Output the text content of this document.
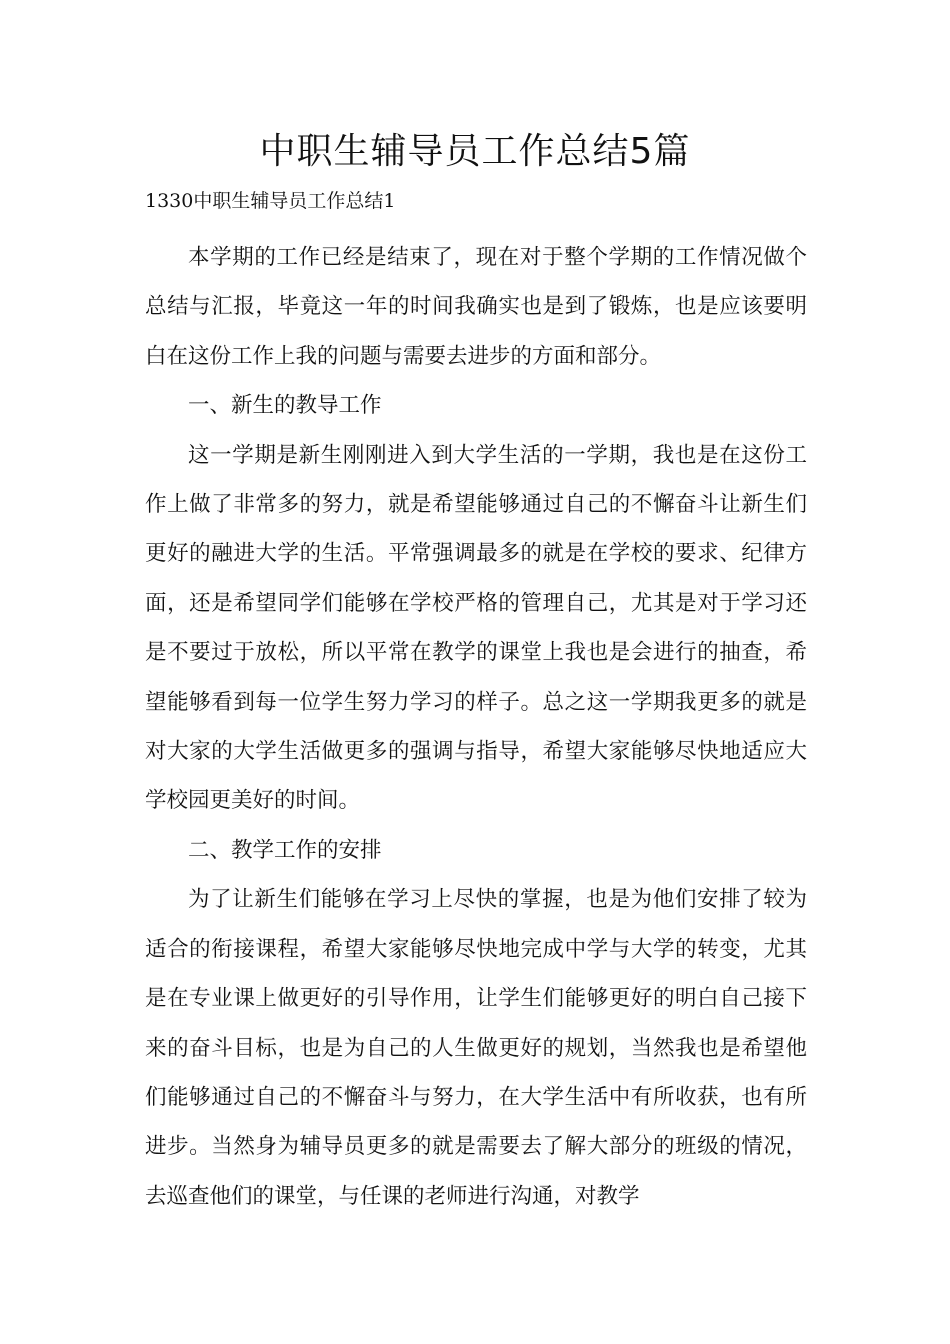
中职生辅导员工作总结5篇

1330中职生辅导员工作总结1

本学期的工作已经是结束了，现在对于整个学期的工作情况做个总结与汇报，毕竟这一年的时间我确实也是到了锻炼，也是应该要明白在这份工作上我的问题与需要去进步的方面和部分。

一、新生的教导工作

这一学期是新生刚刚进入到大学生活的一学期，我也是在这份工作上做了非常多的努力，就是希望能够通过自己的不懈奋斗让新生们更好的融进大学的生活。平常强调最多的就是在学校的要求、纪律方面，还是希望同学们能够在学校严格的管理自己，尤其是对于学习还是不要过于放松，所以平常在教学的课堂上我也是会进行的抽查，希望能够看到每一位学生努力学习的样子。总之这一学期我更多的就是对大家的大学生活做更多的强调与指导，希望大家能够尽快地适应大学校园更美好的时间。

二、教学工作的安排

为了让新生们能够在学习上尽快的掌握，也是为他们安排了较为适合的衔接课程，希望大家能够尽快地完成中学与大学的转变，尤其是在专业课上做更好的引导作用，让学生们能够更好的明白自己接下来的奋斗目标，也是为自己的人生做更好的规划，当然我也是希望他们能够通过自己的不懈奋斗与努力，在大学生活中有所收获，也有所进步。当然身为辅导员更多的就是需要去了解大部分的班级的情况，去巡查他们的课堂，与任课的老师进行沟通，对教学
